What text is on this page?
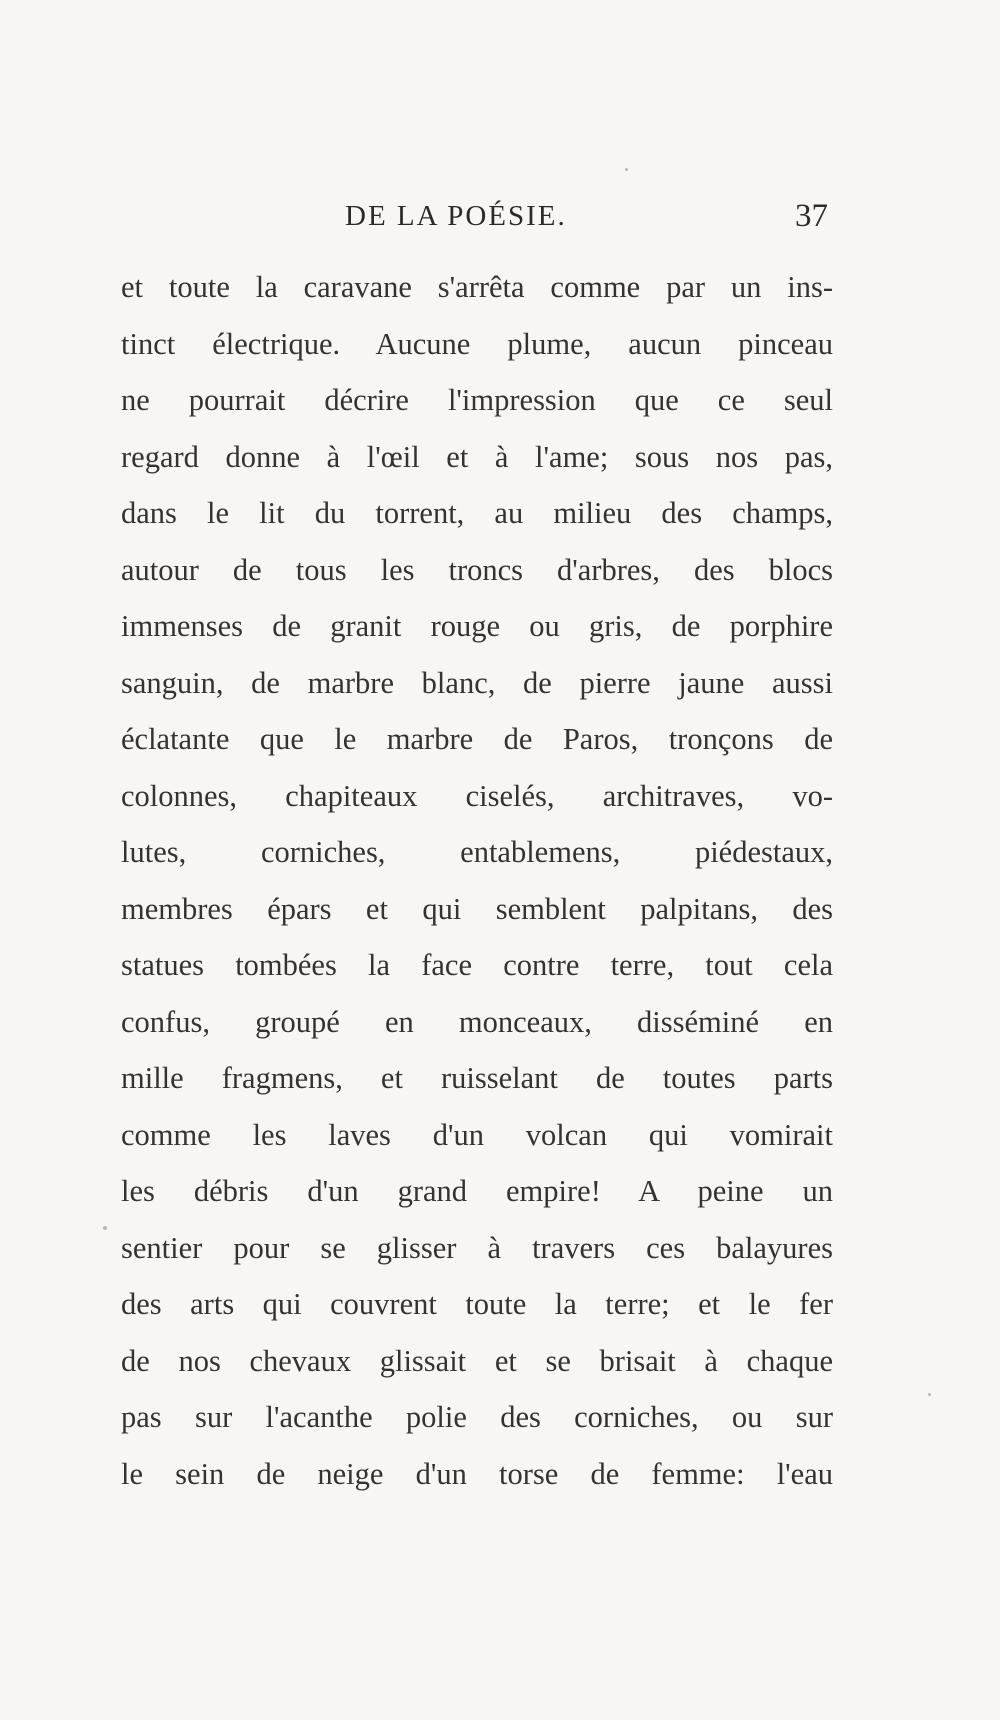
DE LA POÉSIE.	37
et toute la caravane s'arrêta comme par un ins-
tinct électrique. Aucune plume, aucun pinceau
ne pourrait décrire l'impression que ce seul
regard donne à l'œil et à l'ame; sous nos pas,
dans le lit du torrent, au milieu des champs,
autour de tous les troncs d'arbres, des blocs
immenses de granit rouge ou gris, de porphire
sanguin, de marbre blanc, de pierre jaune aussi
éclatante que le marbre de Paros, tronçons de
colonnes, chapiteaux ciselés, architraves, vo-
lutes, corniches, entablemens, piédestaux,
membres épars et qui semblent palpitans, des
statues tombées la face contre terre, tout cela
confus, groupé en monceaux, disséminé en
mille fragmens, et ruisselant de toutes parts
comme les laves d'un volcan qui vomirait
les débris d'un grand empire! A peine un
sentier pour se glisser à travers ces balayures
des arts qui couvrent toute la terre; et le fer
de nos chevaux glissait et se brisait à chaque
pas sur l'acanthe polie des corniches, ou sur
le sein de neige d'un torse de femme: l'eau
